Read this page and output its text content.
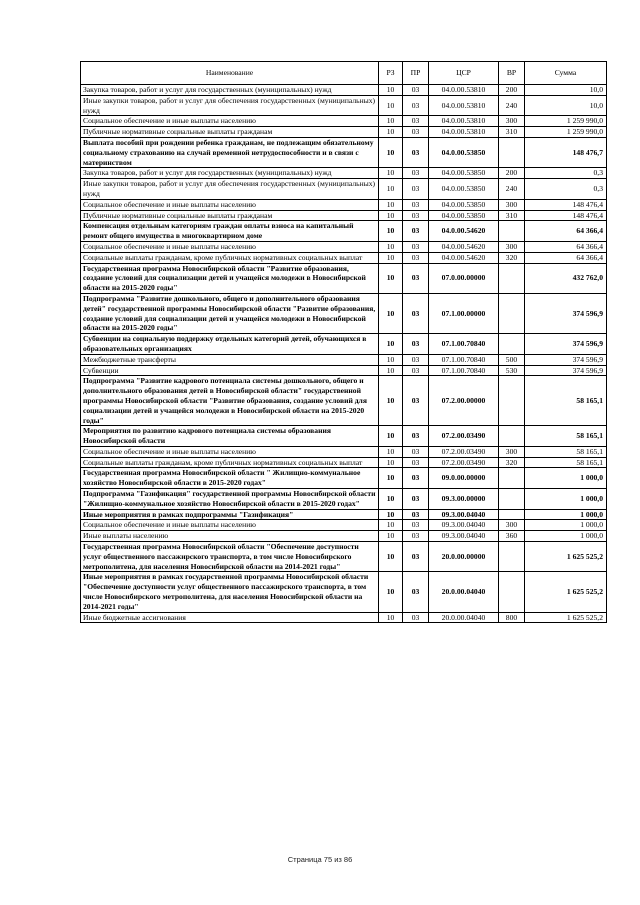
Наименование	РЗ	ПР	ЦСР	ВР	Сумма
Закупка товаров, работ и услуг для государственных (муниципальных) нужд	10	03	04.0.00.53810	200	10,0
Иные закупки товаров, работ и услуг для обеспечения государственных (муниципальных) нужд	10	03	04.0.00.53810	240	10,0
Социальное обеспечение и иные выплаты населению	10	03	04.0.00.53810	300	1 259 990,0
Публичные нормативные социальные выплаты гражданам	10	03	04.0.00.53810	310	1 259 990,0
Выплата пособий при рождении ребенка гражданам, не подлежащим обязательному социальному страхованию на случай временной нетрудоспособности и в связи с материнством	10	03	04.0.00.53850		148 476,7
Закупка товаров, работ и услуг для государственных (муниципальных) нужд	10	03	04.0.00.53850	200	0,3
Иные закупки товаров, работ и услуг для обеспечения государственных (муниципальных) нужд	10	03	04.0.00.53850	240	0,3
Социальное обеспечение и иные выплаты населению	10	03	04.0.00.53850	300	148 476,4
Публичные нормативные социальные выплаты гражданам	10	03	04.0.00.53850	310	148 476,4
Компенсация отдельным категориям граждан оплаты взноса на капитальный ремонт общего имущества в многоквартирном доме	10	03	04.0.00.54620		64 366,4
Социальное обеспечение и иные выплаты населению	10	03	04.0.00.54620	300	64 366,4
Социальные выплаты гражданам, кроме публичных нормативных социальных выплат	10	03	04.0.00.54620	320	64 366,4
Государственная программа Новосибирской области "Развитие образования, создание условий для социализации детей и учащейся молодежи в Новосибирской области на 2015-2020 годы"	10	03	07.0.00.00000		432 762,0
Подпрограмма "Развитие дошкольного, общего и дополнительного образования детей" государственной программы Новосибирской области "Развитие образования, создание условий для социализации детей и учащейся молодежи в Новосибирской области на 2015-2020 годы"	10	03	07.1.00.00000		374 596,9
Субвенции на социальную поддержку отдельных категорий детей, обучающихся в образовательных организациях	10	03	07.1.00.70840		374 596,9
Межбюджетные трансферты	10	03	07.1.00.70840	500	374 596,9
Субвенции	10	03	07.1.00.70840	530	374 596,9
Подпрограмма "Развитие кадрового потенциала системы дошкольного, общего и дополнительного образования детей в Новосибирской области" государственной программы Новосибирской области "Развитие образования, создание условий для социализации детей и учащейся молодежи в Новосибирской области на 2015-2020 годы"	10	03	07.2.00.00000		58 165,1
Мероприятия по развитию кадрового потенциала системы образования Новосибирской области	10	03	07.2.00.03490		58 165,1
Социальное обеспечение и иные выплаты населению	10	03	07.2.00.03490	300	58 165,1
Социальные выплаты гражданам, кроме публичных нормативных социальных выплат	10	03	07.2.00.03490	320	58 165,1
Государственная программа Новосибирской области " Жилищно-коммунальное хозяйство Новосибирской области в 2015-2020 годах"	10	03	09.0.00.00000		1 000,0
Подпрограмма "Газификация" государственной программы Новосибирской области "Жилищно-коммунальное хозяйство Новосибирской области в 2015-2020 годах"	10	03	09.3.00.00000		1 000,0
Иные мероприятия в рамках подпрограммы "Газификация"	10	03	09.3.00.04040		1 000,0
Социальное обеспечение и иные выплаты населению	10	03	09.3.00.04040	300	1 000,0
Иные выплаты населению	10	03	09.3.00.04040	360	1 000,0
Государственная программа Новосибирской области "Обеспечение доступности услуг общественного пассажирского транспорта, в том числе Новосибирского метрополитена, для населения Новосибирской области на 2014-2021 годы"	10	03	20.0.00.00000		1 625 525,2
Иные мероприятия в рамках государственной программы Новосибирской области "Обеспечение доступности услуг общественного пассажирского транспорта, в том числе Новосибирского метрополитена, для населения Новосибирской области на 2014-2021 годы"	10	03	20.0.00.04040		1 625 525,2
Иные бюджетные ассигнования	10	03	20.0.00.04040	800	1 625 525,2
Страница 75 из 86
